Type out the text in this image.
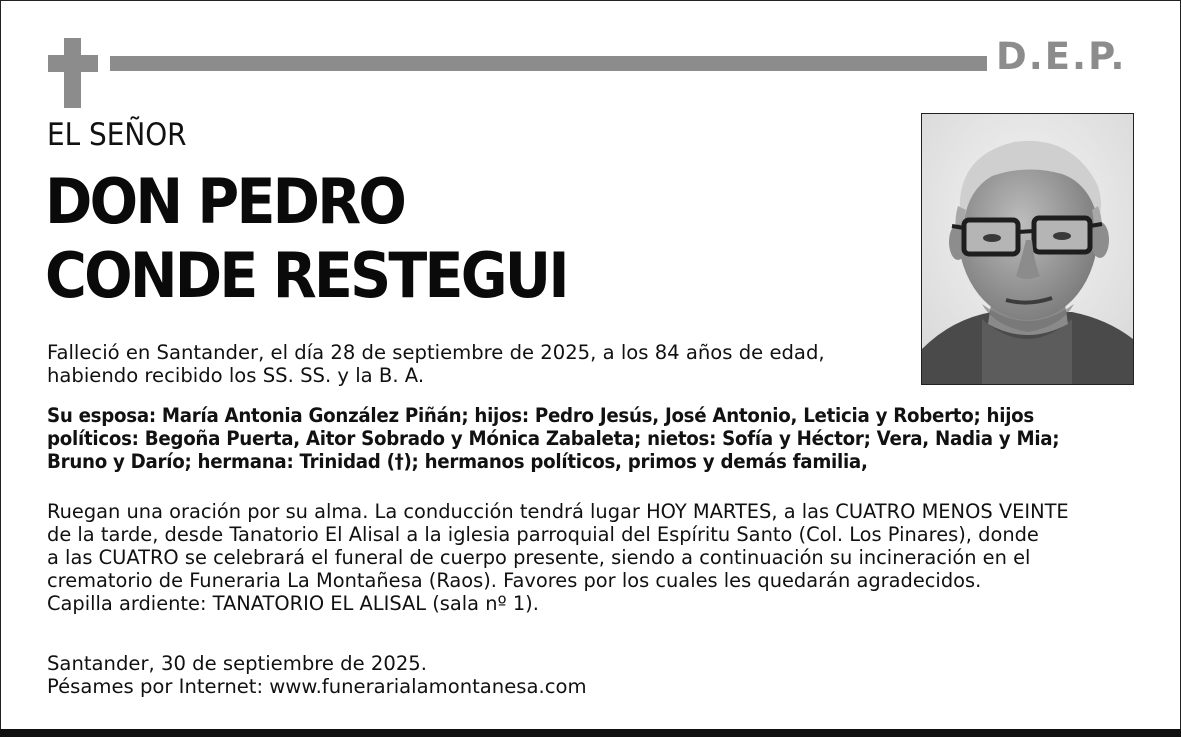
D.E.P.
EL SEÑOR
DON PEDRO
CONDE RESTEGUI
Falleció en Santander, el día 28 de septiembre de 2025, a los 84 años de edad,
habiendo recibido los SS. SS. y la B. A.
Su esposa: María Antonia González Piñán; hijos: Pedro Jesús, José Antonio, Leticia y Roberto; hijos
políticos: Begoña Puerta, Aitor Sobrado y Mónica Zabaleta; nietos: Sofía y Héctor; Vera, Nadia y Mia;
Bruno y Darío; hermana: Trinidad (†); hermanos políticos, primos y demás familia,
Ruegan una oración por su alma. La conducción tendrá lugar HOY MARTES, a las CUATRO MENOS VEINTE
de la tarde, desde Tanatorio El Alisal a la iglesia parroquial del Espíritu Santo (Col. Los Pinares), donde
a las CUATRO se celebrará el funeral de cuerpo presente, siendo a continuación su incineración en el
crematorio de Funeraria La Montañesa (Raos). Favores por los cuales les quedarán agradecidos.
Capilla ardiente: TANATORIO EL ALISAL (sala nº 1).
Santander, 30 de septiembre de 2025.
Pésames por Internet: www.funerarialamontanesa.com
